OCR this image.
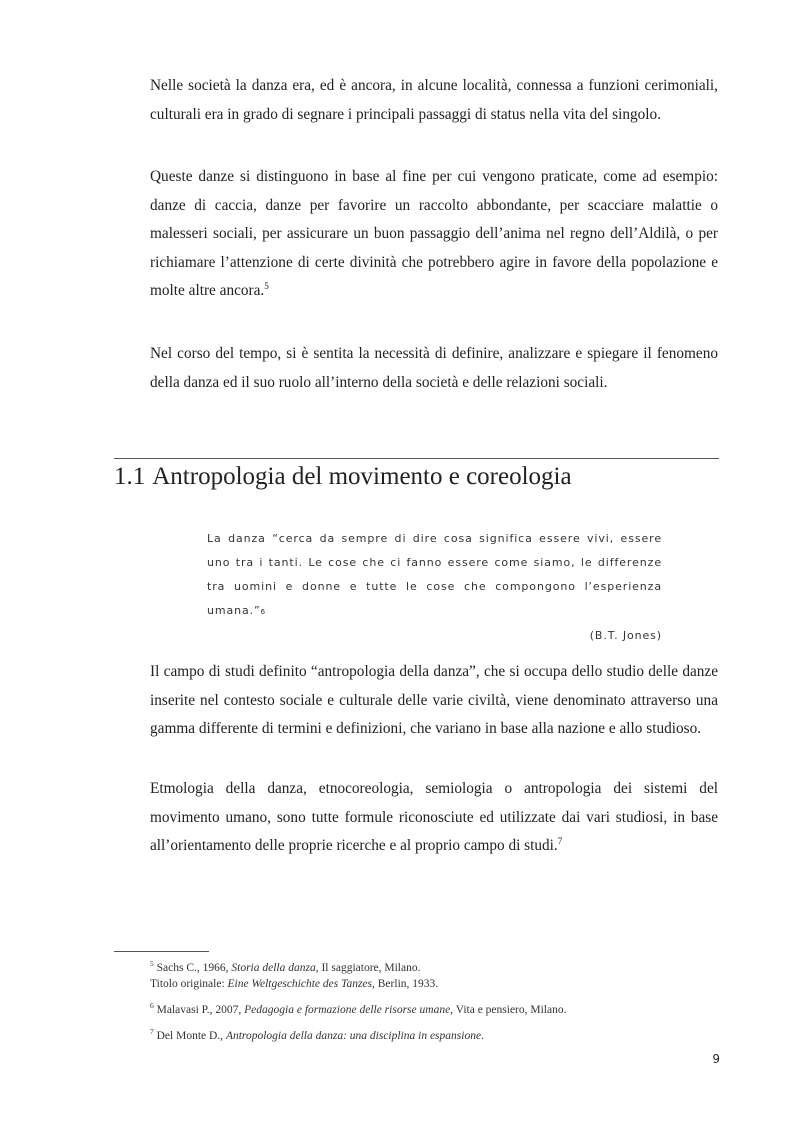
Nelle società la danza era, ed è ancora, in alcune località, connessa a funzioni cerimoniali, culturali era in grado di segnare i principali passaggi di status nella vita del singolo.

Queste danze si distinguono in base al fine per cui vengono praticate, come ad esempio: danze di caccia, danze per favorire un raccolto abbondante, per scacciare malattie o malesseri sociali, per assicurare un buon passaggio dell’anima nel regno dell’Aldilà, o per richiamare l’attenzione di certe divinità che potrebbero agire in favore della popolazione e molte altre ancora.$^5$

Nel corso del tempo, si è sentita la necessità di definire, analizzare e spiegare il fenomeno della danza ed il suo ruolo all’interno della società e delle relazioni sociali.

1.1 Antropologia del movimento e coreologia
La danza “cerca da sempre di dire cosa significa essere vivi, essere uno tra i tanti. Le cose che ci fanno essere come siamo, le differenze tra uomini e donne e tutte le cose che compongono l’esperienza umana.”6
(B.T. Jones)

Il campo di studi definito “antropologia della danza”, che si occupa dello studio delle danze inserite nel contesto sociale e culturale delle varie civiltà, viene denominato attraverso una gamma differente di termini e definizioni, che variano in base alla nazione e allo studioso.

Etmologia della danza, etnocoreologia, semiologia o antropologia dei sistemi del movimento umano, sono tutte formule riconosciute ed utilizzate dai vari studiosi, in base all’orientamento delle proprie ricerche e al proprio campo di studi.$^7$

$^5$ Sachs C., 1966, Storia della danza, Il saggiatore, Milano.
Titolo originale: Eine Weltgeschichte des Tanzes, Berlin, 1933.

$^6$ Malavasi P., 2007, Pedagogia e formazione delle risorse umane, Vita e pensiero, Milano.

$^7$ Del Monte D., Antropologia della danza: una disciplina in espansione.

9
